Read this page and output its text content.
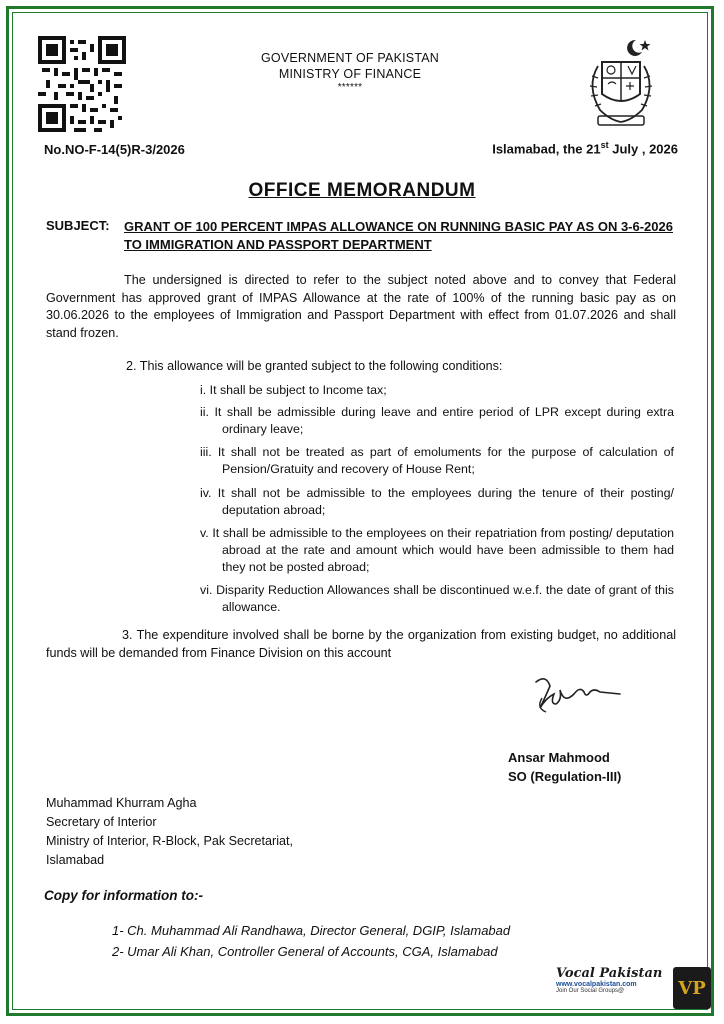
GOVERNMENT OF PAKISTAN
MINISTRY OF FINANCE
******
No.NO-F-14(5)R-3/2026	Islamabad, the 21st July , 2026
OFFICE MEMORANDUM
SUBJECT: GRANT OF 100 PERCENT IMPAS ALLOWANCE ON RUNNING BASIC PAY AS ON 3-6-2026 TO IMMIGRATION AND PASSPORT DEPARTMENT
The undersigned is directed to refer to the subject noted above and to convey that Federal Government has approved grant of IMPAS Allowance at the rate of 100% of the running basic pay as on 30.06.2026 to the employees of Immigration and Passport Department with effect from 01.07.2026 and shall stand frozen.
2. This allowance will be granted subject to the following conditions:
i. It shall be subject to Income tax;
ii. It shall be admissible during leave and entire period of LPR except during extra ordinary leave;
iii. It shall not be treated as part of emoluments for the purpose of calculation of Pension/Gratuity and recovery of House Rent;
iv. It shall not be admissible to the employees during the tenure of their posting/ deputation abroad;
v. It shall be admissible to the employees on their repatriation from posting/ deputation abroad at the rate and amount which would have been admissible to them had they not be posted abroad;
vi. Disparity Reduction Allowances shall be discontinued w.e.f. the date of grant of this allowance.
3. The expenditure involved shall be borne by the organization from existing budget, no additional funds will be demanded from Finance Division on this account
Ansar Mahmood
SO (Regulation-III)
Muhammad Khurram Agha
Secretary of Interior
Ministry of Interior, R-Block, Pak Secretariat,
Islamabad
Copy for information to:-
1- Ch. Muhammad Ali Randhawa, Director General, DGIP, Islamabad
2- Umar Ali Khan, Controller General of Accounts, CGA, Islamabad
Vocal Pakistan
www.vocalpakistan.com
Join Our Social Groups@	VP
